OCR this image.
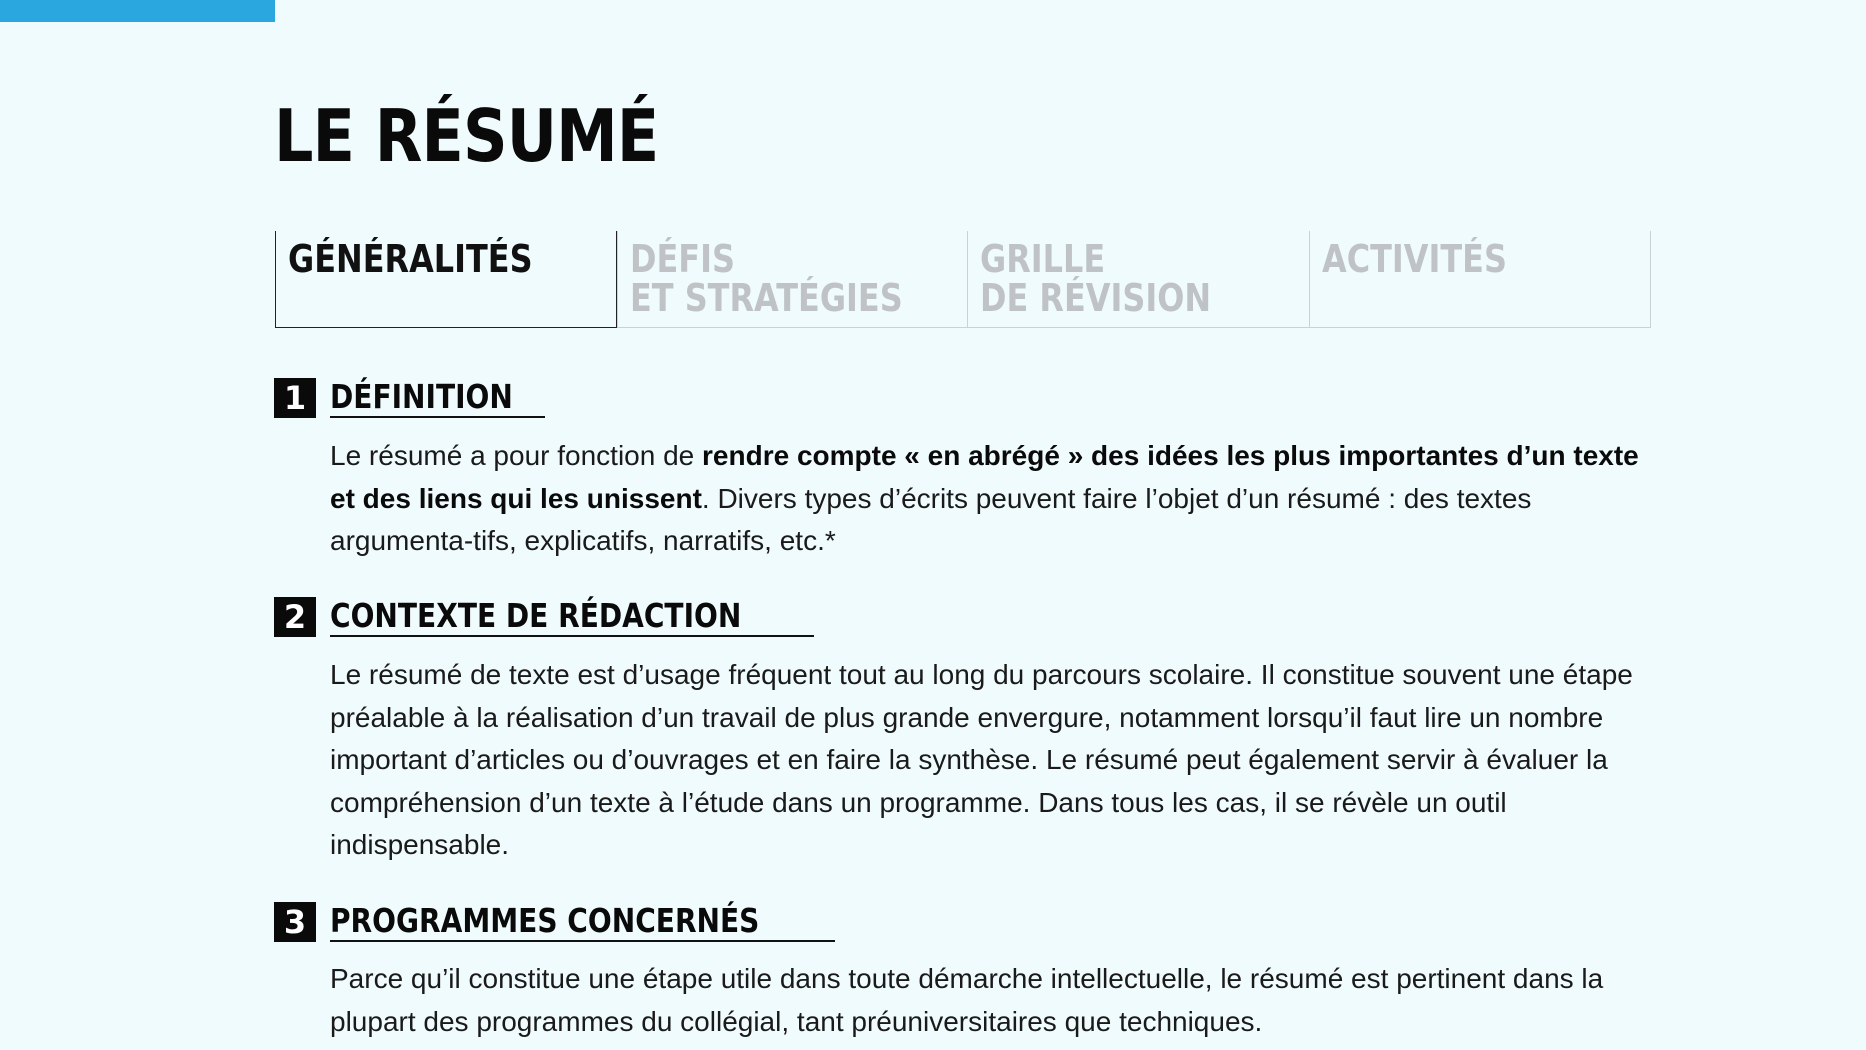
LE RÉSUMÉ
GÉNÉRALITÉS	DÉFIS
ET STRATÉGIES
GRILLE
DE RÉVISION
ACTIVITÉS
1 DÉFINITION

Le résumé a pour fonction de rendre compte « en abrégé » des idées les plus importantes d’un texte et des liens qui les unissent. Divers types d’écrits peuvent faire l’objet d’un résumé : des textes argumenta-tifs, explicatifs, narratifs, etc.*

2 CONTEXTE DE RÉDACTION

Le résumé de texte est d’usage fréquent tout au long du parcours scolaire. Il constitue souvent une étape préalable à la réalisation d’un travail de plus grande envergure, notamment lorsqu’il faut lire un nombre important d’articles ou d’ouvrages et en faire la synthèse. Le résumé peut également servir à évaluer la compréhension d’un texte à l’étude dans un programme. Dans tous les cas, il se révèle un outil indispensable.

3 PROGRAMMES CONCERNÉS

Parce qu’il constitue une étape utile dans toute démarche intellectuelle, le résumé est pertinent dans la plupart des programmes du collégial, tant préuniversitaires que techniques.
